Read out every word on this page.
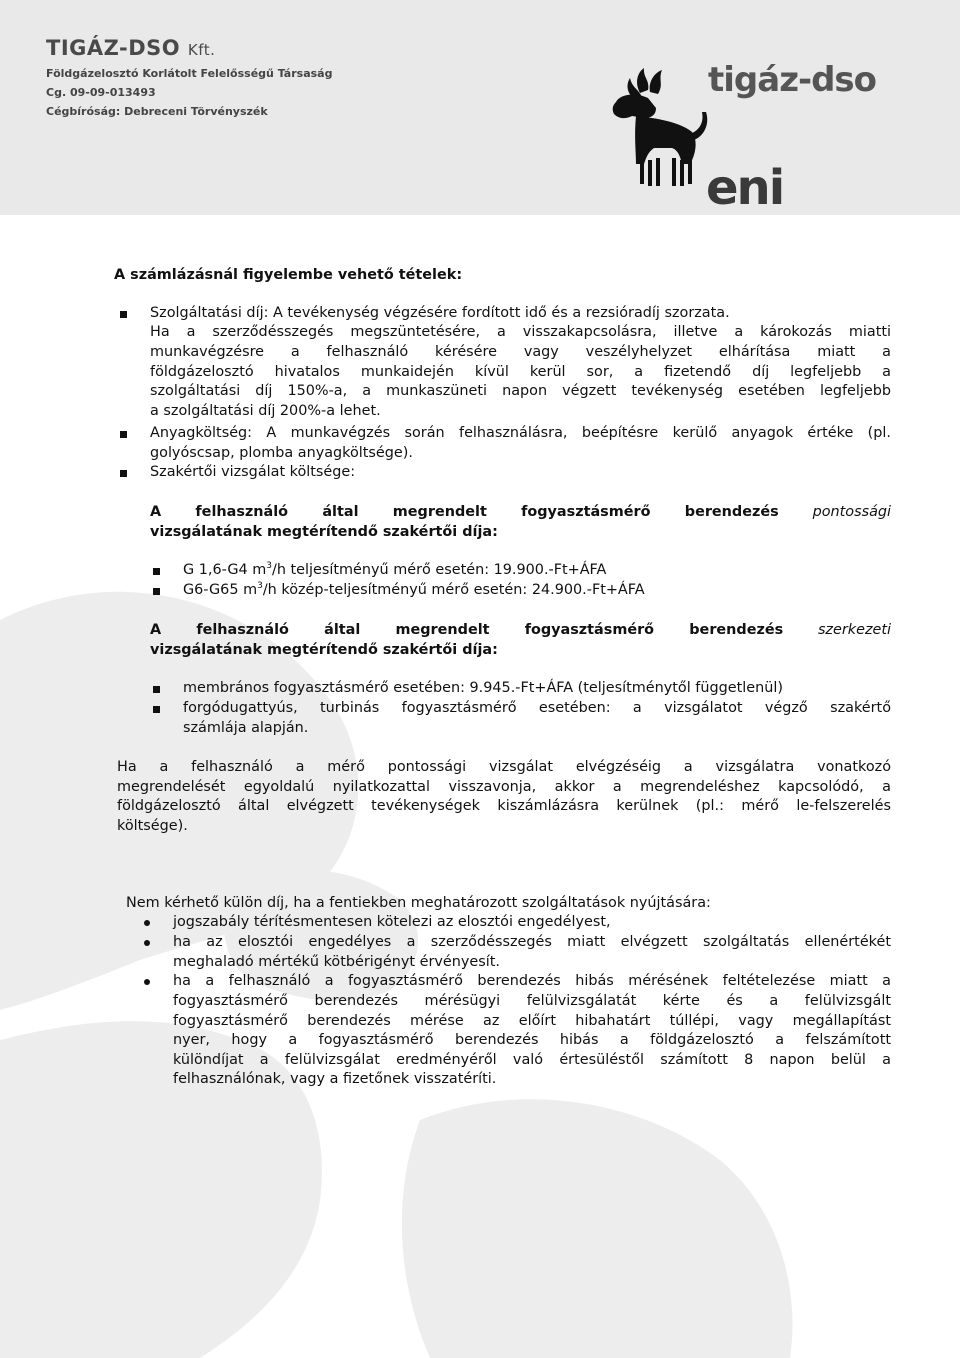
TIGÁZ-DSO Kft.
Földgázelosztó Korlátolt Felelősségű Társaság
Cg. 09-09-013493
Cégbíróság: Debreceni Törvényszék
tigáz-dso
eni

A számlázásnál figyelembe vehető tételek:

Szolgáltatási díj: A tevékenység végzésére fordított idő és a rezsióradíj szorzata.

Ha a szerződésszegés megszüntetésére, a visszakapcsolásra, illetve a károkozás miatti

munkavégzésre a felhasználó kérésére vagy veszélyhelyzet elhárítása miatt a

földgázelosztó hivatalos munkaidején kívül kerül sor, a fizetendő díj legfeljebb a

szolgáltatási díj 150%-a, a munkaszüneti napon végzett tevékenység esetében legfeljebb

a szolgáltatási díj 200%-a lehet.

Anyagköltség: A munkavégzés során felhasználásra, beépítésre kerülő anyagok értéke (pl.

golyóscsap, plomba anyagköltsége).

Szakértői vizsgálat költsége:

A felhasználó által megrendelt fogyasztásmérő berendezés pontossági

vizsgálatának megtérítendő szakértői díja:

G 1,6-G4 $m^3/h$ teljesítményű mérő esetén: 19.900.-Ft+ÁFA

G6-G65 $m^3/h$ közép-teljesítményű mérő esetén: 24.900.-Ft+ÁFA

A felhasználó által megrendelt fogyasztásmérő berendezés szerkezeti

vizsgálatának megtérítendő szakértői díja:

membrános fogyasztásmérő esetében: 9.945.-Ft+ÁFA (teljesítménytől függetlenül)

forgódugattyús, turbinás fogyasztásmérő esetében: a vizsgálatot végző szakértő

számlája alapján.

Ha a felhasználó a mérő pontossági vizsgálat elvégzéséig a vizsgálatra vonatkozó

megrendelését egyoldalú nyilatkozattal visszavonja, akkor a megrendeléshez kapcsolódó, a

földgázelosztó által elvégzett tevékenységek kiszámlázásra kerülnek (pl.: mérő le-felszerelés

költsége).

Nem kérhető külön díj, ha a fentiekben meghatározott szolgáltatások nyújtására:

jogszabály térítésmentesen kötelezi az elosztói engedélyest,

ha az elosztói engedélyes a szerződésszegés miatt elvégzett szolgáltatás ellenértékét

meghaladó mértékű kötbérigényt érvényesít.

ha a felhasználó a fogyasztásmérő berendezés hibás mérésének feltételezése miatt a

fogyasztásmérő berendezés mérésügyi felülvizsgálatát kérte és a felülvizsgált

fogyasztásmérő berendezés mérése az előírt hibahatárt túllépi, vagy megállapítást

nyer, hogy a fogyasztásmérő berendezés hibás a földgázelosztó a felszámított

különdíjat a felülvizsgálat eredményéről való értesüléstől számított 8 napon belül a

felhasználónak, vagy a fizetőnek visszatéríti.
